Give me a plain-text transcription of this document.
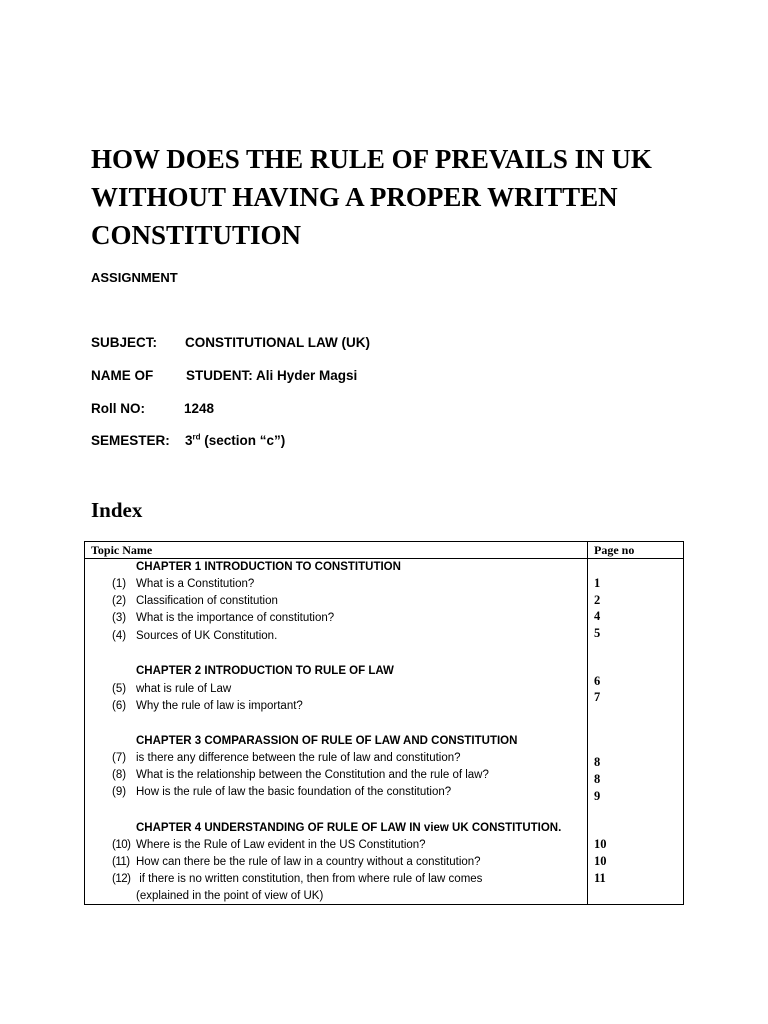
HOW DOES THE RULE OF PREVAILS IN UK
WITHOUT HAVING A PROPER WRITTEN
CONSTITUTION
ASSIGNMENT
SUBJECT: CONSTITUTIONAL LAW (UK)
NAME OF STUDENT: Ali Hyder Magsi
Roll NO:	1248
SEMESTER: 3rd (section “c”)
Index
Topic Name	Page no
CHAPTER 1 INTRODUCTION TO CONSTITUTION
(1) What is a Constitution?
(2) Classification of constitution
(3) What is the importance of constitution?
(4) Sources of UK Constitution.
1
2
4
5
CHAPTER 2 INTRODUCTION TO RULE OF LAW
(5) what is rule of Law
(6) Why the rule of law is important?
6
7
CHAPTER 3 COMPARASSION OF RULE OF LAW AND CONSTITUTION
(7) is there any difference between the rule of law and constitution?
(8) What is the relationship between the Constitution and the rule of law?
(9) How is the rule of law the basic foundation of the constitution?
8
8
9
CHAPTER 4 UNDERSTANDING OF RULE OF LAW IN view UK CONSTITUTION.
(10) Where is the Rule of Law evident in the US Constitution?
(11) How can there be the rule of law in a country without a constitution?
(12) if there is no written constitution, then from where rule of law comes
(explained in the point of view of UK)
10
10
11
